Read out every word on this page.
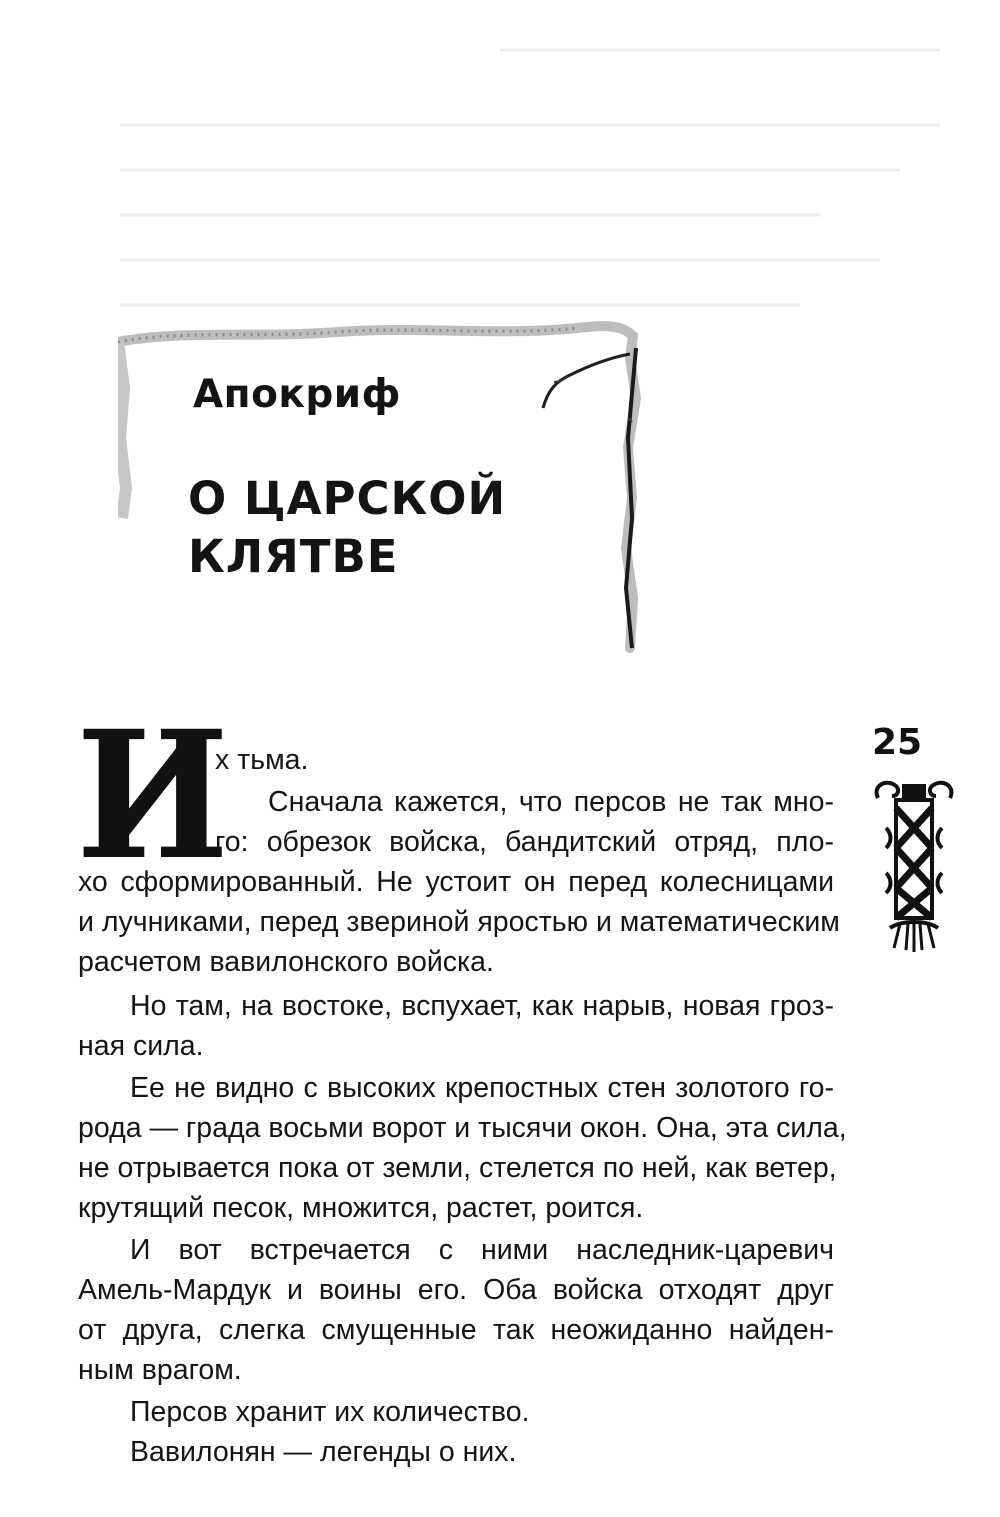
Апокриф
О ЦАРСКОЙ
КЛЯТВЕ
25
И
х тьма.
Сначала кажется, что персов не так мно-
го: обрезок войска, бандитский отряд, пло-
хо сформированный. Не устоит он перед колесницами
и лучниками, перед звериной яростью и математическим
расчетом вавилонского войска.
Но там, на востоке, вспухает, как нарыв, новая гроз-
ная сила.
Ее не видно с высоких крепостных стен золотого го-
рода — града восьми ворот и тысячи окон. Она, эта сила,
не отрывается пока от земли, стелется по ней, как ветер,
крутящий песок, множится, растет, роится.
И вот встречается с ними наследник-царевич
Амель-Мардук и воины его. Оба войска отходят друг
от друга, слегка смущенные так неожиданно найден-
ным врагом.
Персов хранит их количество.
Вавилонян — легенды о них.
